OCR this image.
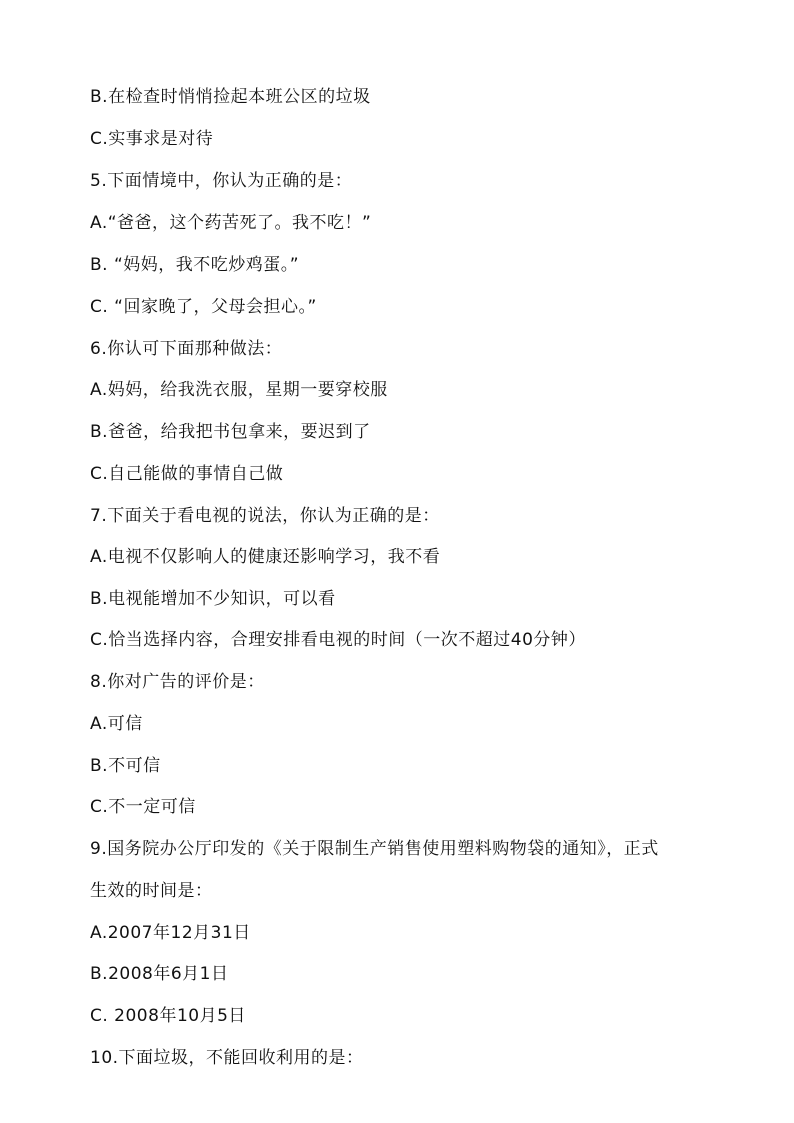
B.在检查时悄悄捡起本班公区的垃圾
C.实事求是对待
5.下面情境中，你认为正确的是：
A.“爸爸，这个药苦死了。我不吃！”
B. “妈妈，我不吃炒鸡蛋。”
C. “回家晚了，父母会担心。”
6.你认可下面那种做法：
A.妈妈，给我洗衣服，星期一要穿校服
B.爸爸，给我把书包拿来，要迟到了
C.自己能做的事情自己做
7.下面关于看电视的说法，你认为正确的是：
A.电视不仅影响人的健康还影响学习，我不看
B.电视能增加不少知识，可以看
C.恰当选择内容，合理安排看电视的时间（一次不超过40分钟）
8.你对广告的评价是：
A.可信
B.不可信
C.不一定可信
9.国务院办公厅印发的《关于限制生产销售使用塑料购物袋的通知》，正式
生效的时间是：
A.2007年12月31日
B.2008年6月1日
C. 2008年10月5日
10.下面垃圾，不能回收利用的是：
